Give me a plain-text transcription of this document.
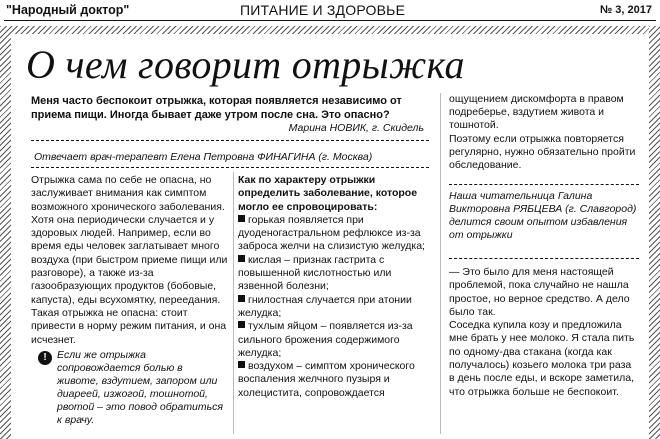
"Народный доктор"	ПИТАНИЕ И ЗДОРОВЬЕ	№ 3, 2017
О чем говорит отрыжка
Меня часто беспокоит отрыжка, которая появляется независимо от приема пищи. Иногда бывает даже утром после сна. Это опасно?
Марина НОВИК, г. Скидель
Отвечает врач-терапевт Елена Петровна ФИНАГИНА (г. Москва)

Отрыжка сама по себе не опасна, но заслуживает внимания как симптом возможного хронического заболевания. Хотя она периодически случается и у здоровых людей. Например, если во время еды человек заглатывает много воздуха (при быстром приеме пищи или разговоре), а также из-за газообразующих продуктов (бобовые, капуста), еды всухомятку, переедания. Такая отрыжка не опасна: стоит привести в норму режим питания, и она исчезнет.

! Если же отрыжка сопровождается болью в животе, вздутием, запором или диареей, изжогой, тошнотой, рвотой – это повод обратиться к врачу.

Как по характеру отрыжки определить заболевание, которое могло ее спровоцировать:

горькая появляется при дуоденогастральном рефлюксе из-за заброса желчи на слизистую желудка;

кислая – признак гастрита с повышенной кислотностью или язвенной болезни;

гнилостная случается при атонии желудка;

тухлым яйцом – появляется из-за сильного брожения содержимого желудка;

воздухом – симптом хронического воспаления желчного пузыря и холецистита, сопровождается

ощущением дискомфорта в правом подреберье, вздутием живота и тошнотой.

Поэтому если отрыжка повторяется регулярно, нужно обязательно пройти обследование.

Наша читательница Галина Викторовна РЯБЦЕВА (г. Славгород) делится своим опытом избавления от отрыжки

— Это было для меня настоящей проблемой, пока случайно не нашла простое, но верное средство. А дело было так.

Соседка купила козу и предложила мне брать у нее молоко. Я стала пить по одному-два стакана (когда как получалось) козьего молока три раза в день после еды, и вскоре заметила, что отрыжка больше не беспокоит.
